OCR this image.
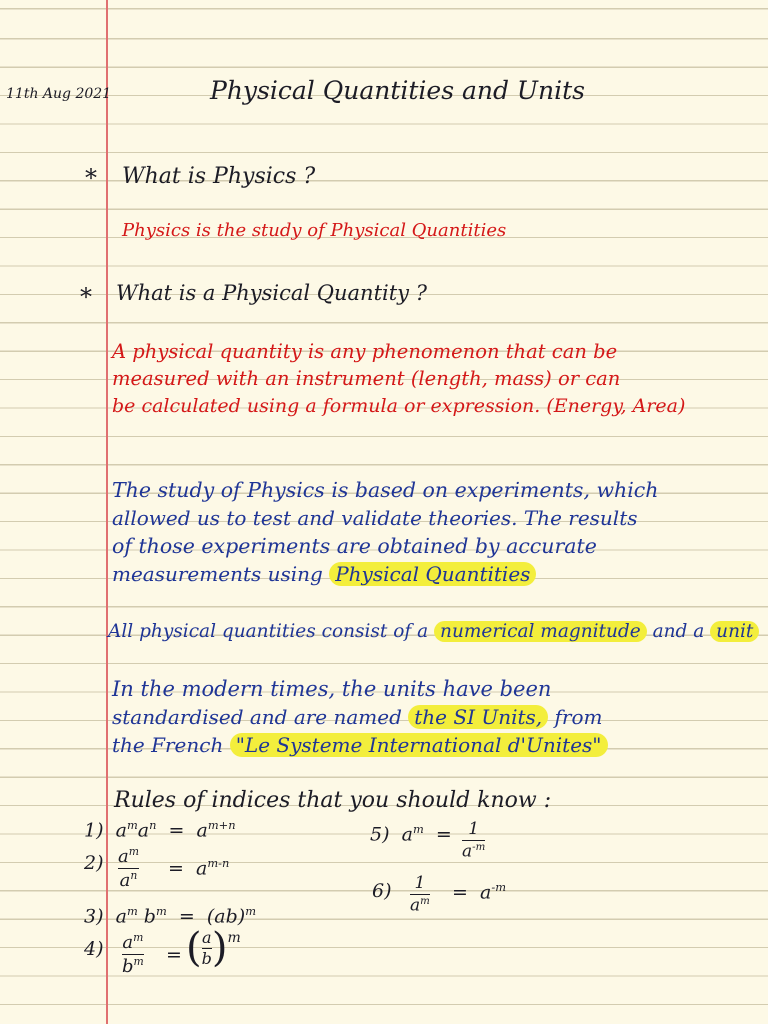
11th Aug 2021	Physical Quantities and Units
* What is Physics ?
Physics is the study of Physical Quantities
* What is a Physical Quantity ?
A physical quantity is any phenomenon that can be
measured with an instrument (length, mass) or can
be calculated using a formula or expression. (Energy, Area)
The study of Physics is based on experiments, which
allowed us to test and validate theories. The results
of those experiments are obtained by accurate
measurements using Physical Quantities
All physical quantities consist of a numerical magnitude and a unit
In the modern times, the units have been
standardised and are named the SI Units, from
the French "Le Systeme International d'Unites"
Rules of indices that you should know :
1) $a^ma^n = a^{m+n}$
2) $a^m$
$a^n = a^{m-n}$
3) $a^m$ $b^m = (ab)^m$
4) $a^m$
$b^m$ = ( $\frac{a}{b}$ ) m
5) $a^m = 1$
$a^{-m}$
6) 1
$a^m = a^{-m}$
